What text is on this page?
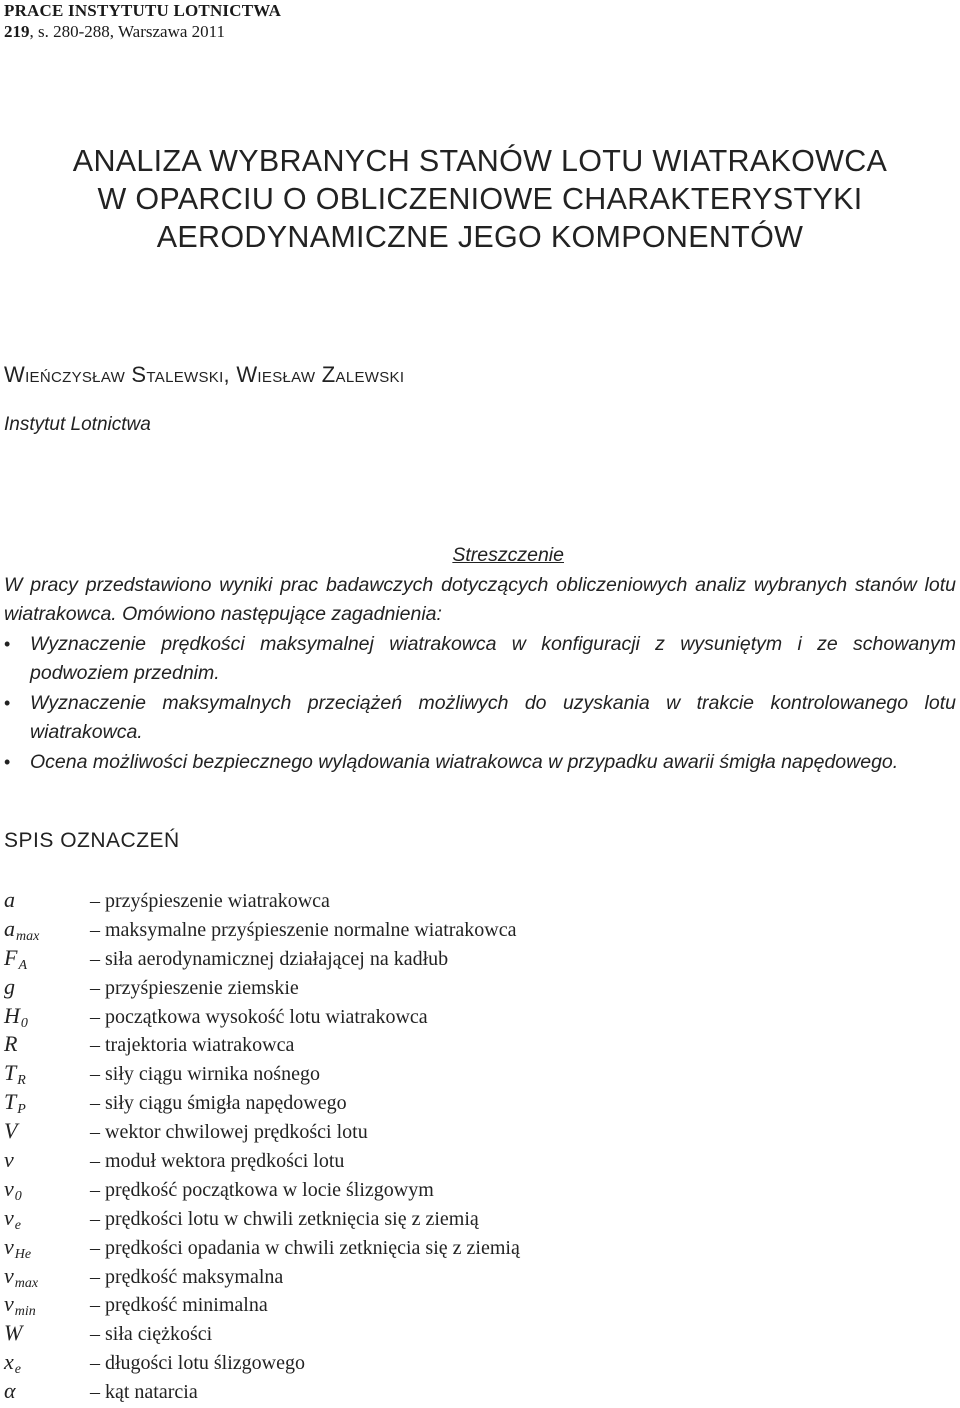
PRACE INSTYTUTU LOTNICTWA
219, s. 280-288, Warszawa 2011
ANALIZA WYBRANYCH STANÓW LOTU WIATRAKOWCA
W OPARCIU O OBLICZENIOWE CHARAKTERYSTYKI
AERODYNAMICZNE JEGO KOMPONENTÓW
Wieńczysław Stalewski, Wiesław Zalewski
Instytut Lotnictwa
Streszczenie
W pracy przedstawiono wyniki prac badawczych dotyczących obliczeniowych analiz wybranych stanów lotu wiatrakowca. Omówiono następujące zagadnienia:
•	Wyznaczenie prędkości maksymalnej wiatrakowca w konfiguracji z wysuniętym i ze schowanym podwoziem przednim.
•	Wyznaczenie maksymalnych przeciążeń możliwych do uzyskania w trakcie kontrolowanego lotu wiatrakowca.
•	Ocena możliwości bezpiecznego wylądowania wiatrakowca w przypadku awarii śmigła napędowego.
SPIS OZNACZEŃ
a	– przyśpieszenie wiatrakowca
$a_{max}$	– maksymalne przyśpieszenie normalne wiatrakowca
$F_A$	– siła aerodynamicznej działającej na kadłub
g	– przyśpieszenie ziemskie
$H_0$	– początkowa wysokość lotu wiatrakowca
R	– trajektoria wiatrakowca
$T_R$	– siły ciągu wirnika nośnego
$T_P$	– siły ciągu śmigła napędowego
V	– wektor chwilowej prędkości lotu
v	– moduł wektora prędkości lotu
$v_0$	– prędkość początkowa w locie ślizgowym
$v_e$	– prędkości lotu w chwili zetknięcia się z ziemią
$v_{He}$	– prędkości opadania w chwili zetknięcia się z ziemią
$v_{max}$	– prędkość maksymalna
$v_{min}$	– prędkość minimalna
W	– siła ciężkości
$x_e$	– długości lotu ślizgowego
α	– kąt natarcia
